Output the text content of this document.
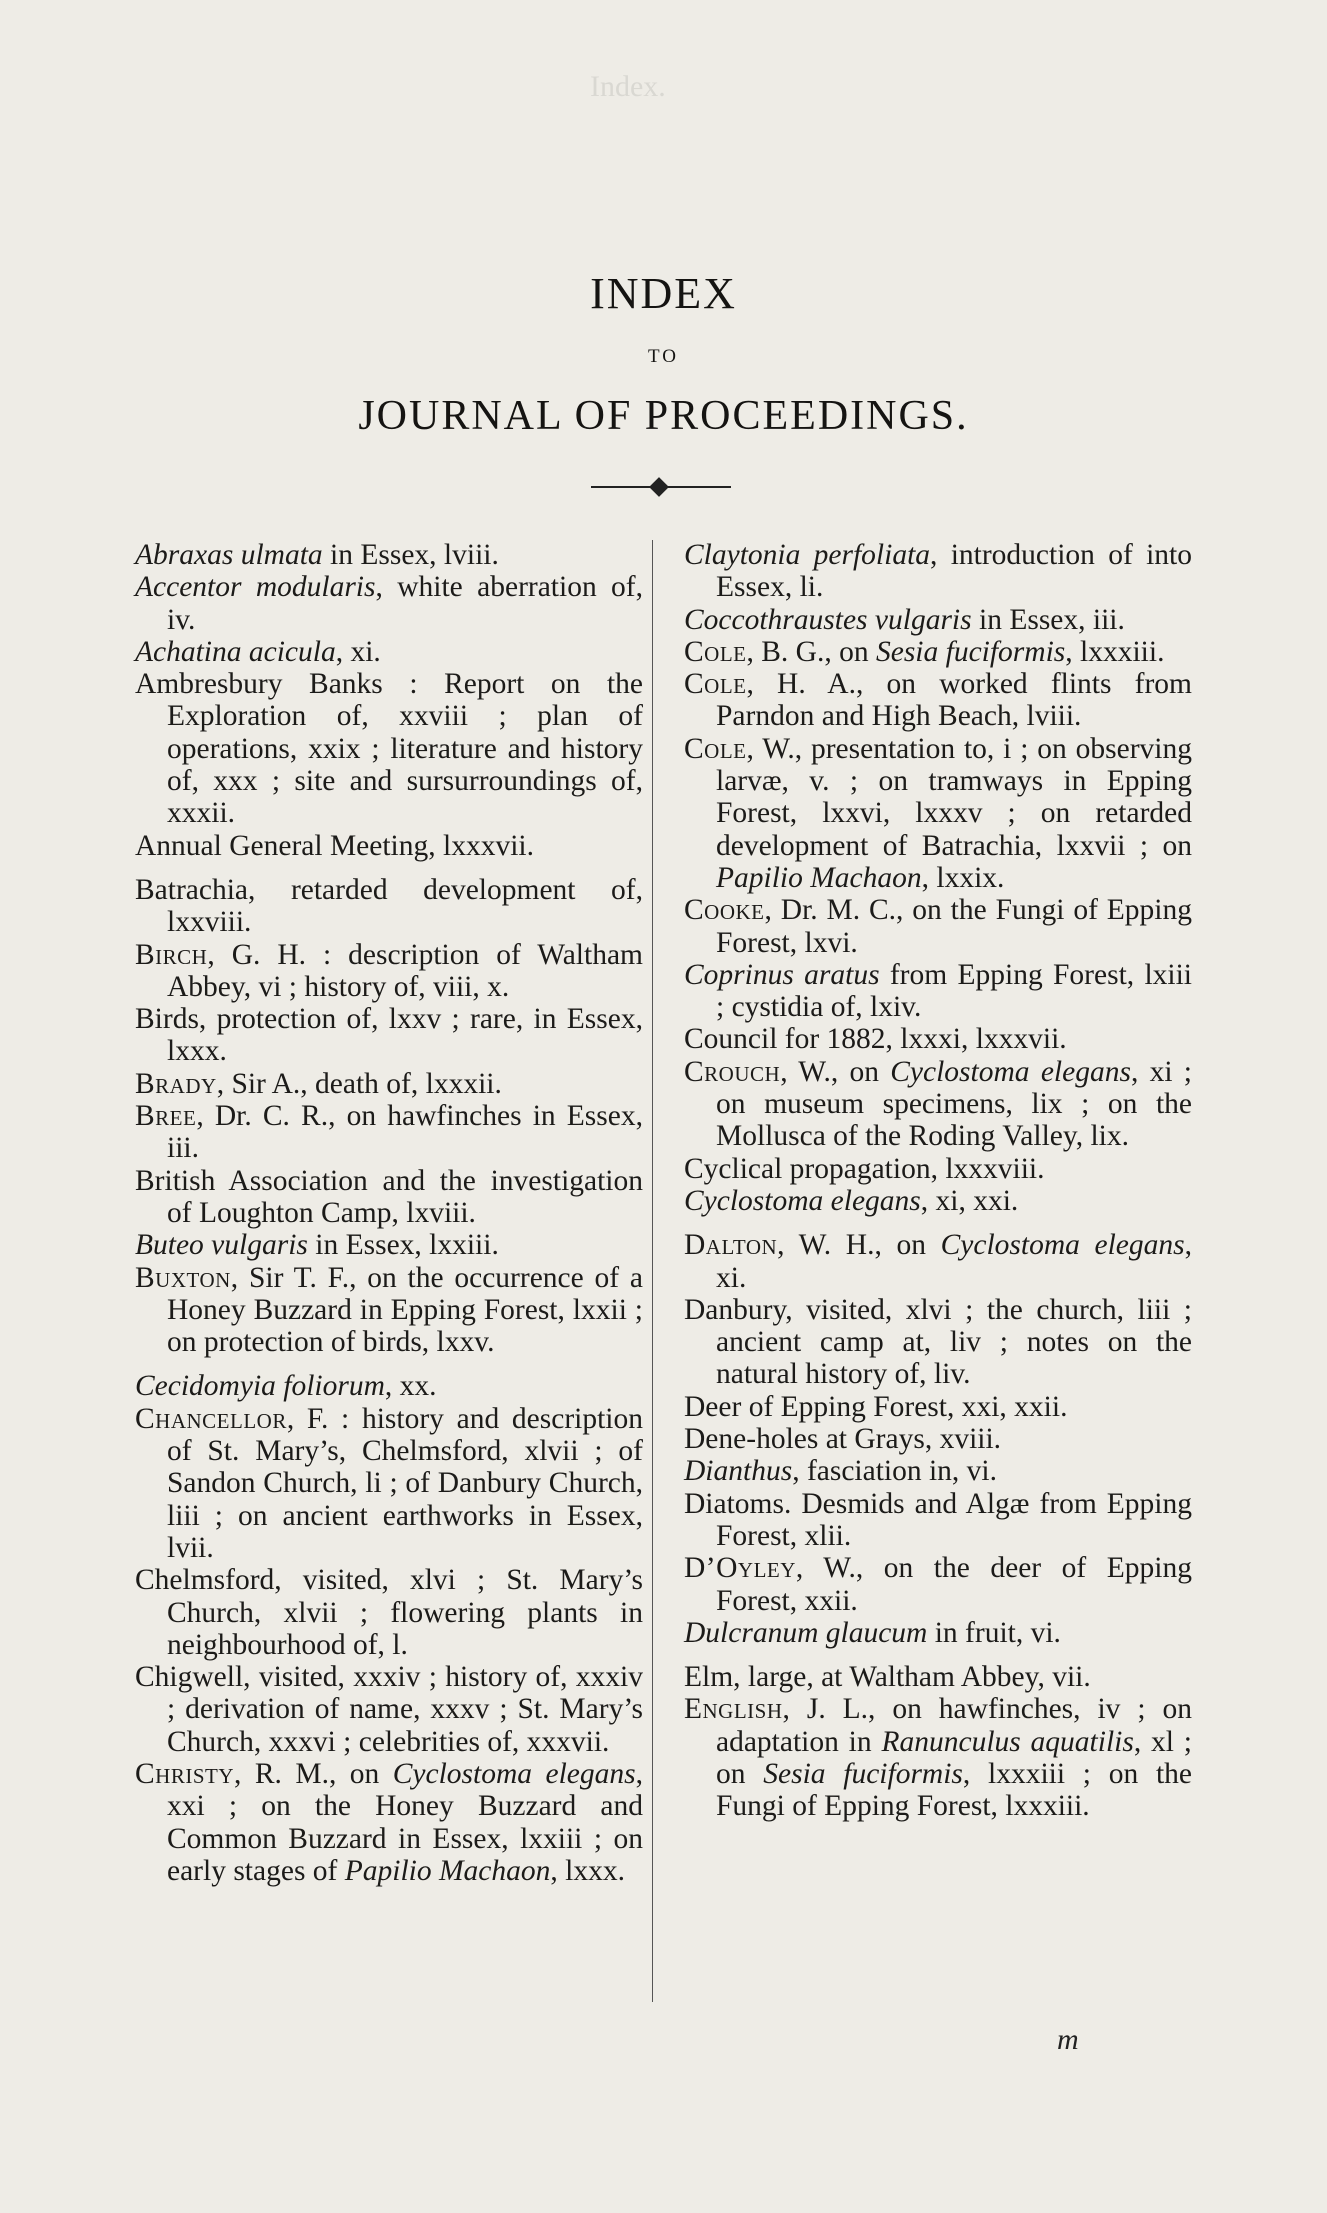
Index.
INDEX
TO
JOURNAL OF PROCEEDINGS.
Abraxas ulmata in Essex, lviii.
Accentor modularis, white aberration of, iv.
Achatina acicula, xi.
Ambresbury Banks : Report on the Exploration of, xxviii ; plan of operations, xxix ; literature and history of, xxx ; site and sursurroundings of, xxxii.
Annual General Meeting, lxxxvii.
Batrachia, retarded development of, lxxviii.
Birch, G. H. : description of Waltham Abbey, vi ; history of, viii, x.
Birds, protection of, lxxv ; rare, in Essex, lxxx.
Brady, Sir A., death of, lxxxii.
Bree, Dr. C. R., on hawfinches in Essex, iii.
British Association and the investigation of Loughton Camp, lxviii.
Buteo vulgaris in Essex, lxxiii.
Buxton, Sir T. F., on the occurrence of a Honey Buzzard in Epping Forest, lxxii ; on protection of birds, lxxv.
Cecidomyia foliorum, xx.
Chancellor, F. : history and description of St. Mary’s, Chelmsford, xlvii ; of Sandon Church, li ; of Danbury Church, liii ; on ancient earthworks in Essex, lvii.
Chelmsford, visited, xlvi ; St. Mary’s Church, xlvii ; flowering plants in neighbourhood of, l.
Chigwell, visited, xxxiv ; history of, xxxiv ; derivation of name, xxxv ; St. Mary’s Church, xxxvi ; celebrities of, xxxvii.
Christy, R. M., on Cyclostoma elegans, xxi ; on the Honey Buzzard and Common Buzzard in Essex, lxxiii ; on early stages of Papilio Machaon, lxxx.
Claytonia perfoliata, introduction of into Essex, li.
Coccothraustes vulgaris in Essex, iii.
Cole, B. G., on Sesia fuciformis, lxxxiii.
Cole, H. A., on worked flints from Parndon and High Beach, lviii.
Cole, W., presentation to, i ; on observing larvæ, v. ; on tramways in Epping Forest, lxxvi, lxxxv ; on retarded development of Batrachia, lxxvii ; on Papilio Machaon, lxxix.
Cooke, Dr. M. C., on the Fungi of Epping Forest, lxvi.
Coprinus aratus from Epping Forest, lxiii ; cystidia of, lxiv.
Council for 1882, lxxxi, lxxxvii.
Crouch, W., on Cyclostoma elegans, xi ; on museum specimens, lix ; on the Mollusca of the Roding Valley, lix.
Cyclical propagation, lxxxviii.
Cyclostoma elegans, xi, xxi.
Dalton, W. H., on Cyclostoma elegans, xi.
Danbury, visited, xlvi ; the church, liii ; ancient camp at, liv ; notes on the natural history of, liv.
Deer of Epping Forest, xxi, xxii.
Dene-holes at Grays, xviii.
Dianthus, fasciation in, vi.
Diatoms. Desmids and Algæ from Epping Forest, xlii.
D’Oyley, W., on the deer of Epping Forest, xxii.
Dulcranum glaucum in fruit, vi.
Elm, large, at Waltham Abbey, vii.
English, J. L., on hawfinches, iv ; on adaptation in Ranunculus aquatilis, xl ; on Sesia fuciformis, lxxxiii ; on the Fungi of Epping Forest, lxxxiii.
m
